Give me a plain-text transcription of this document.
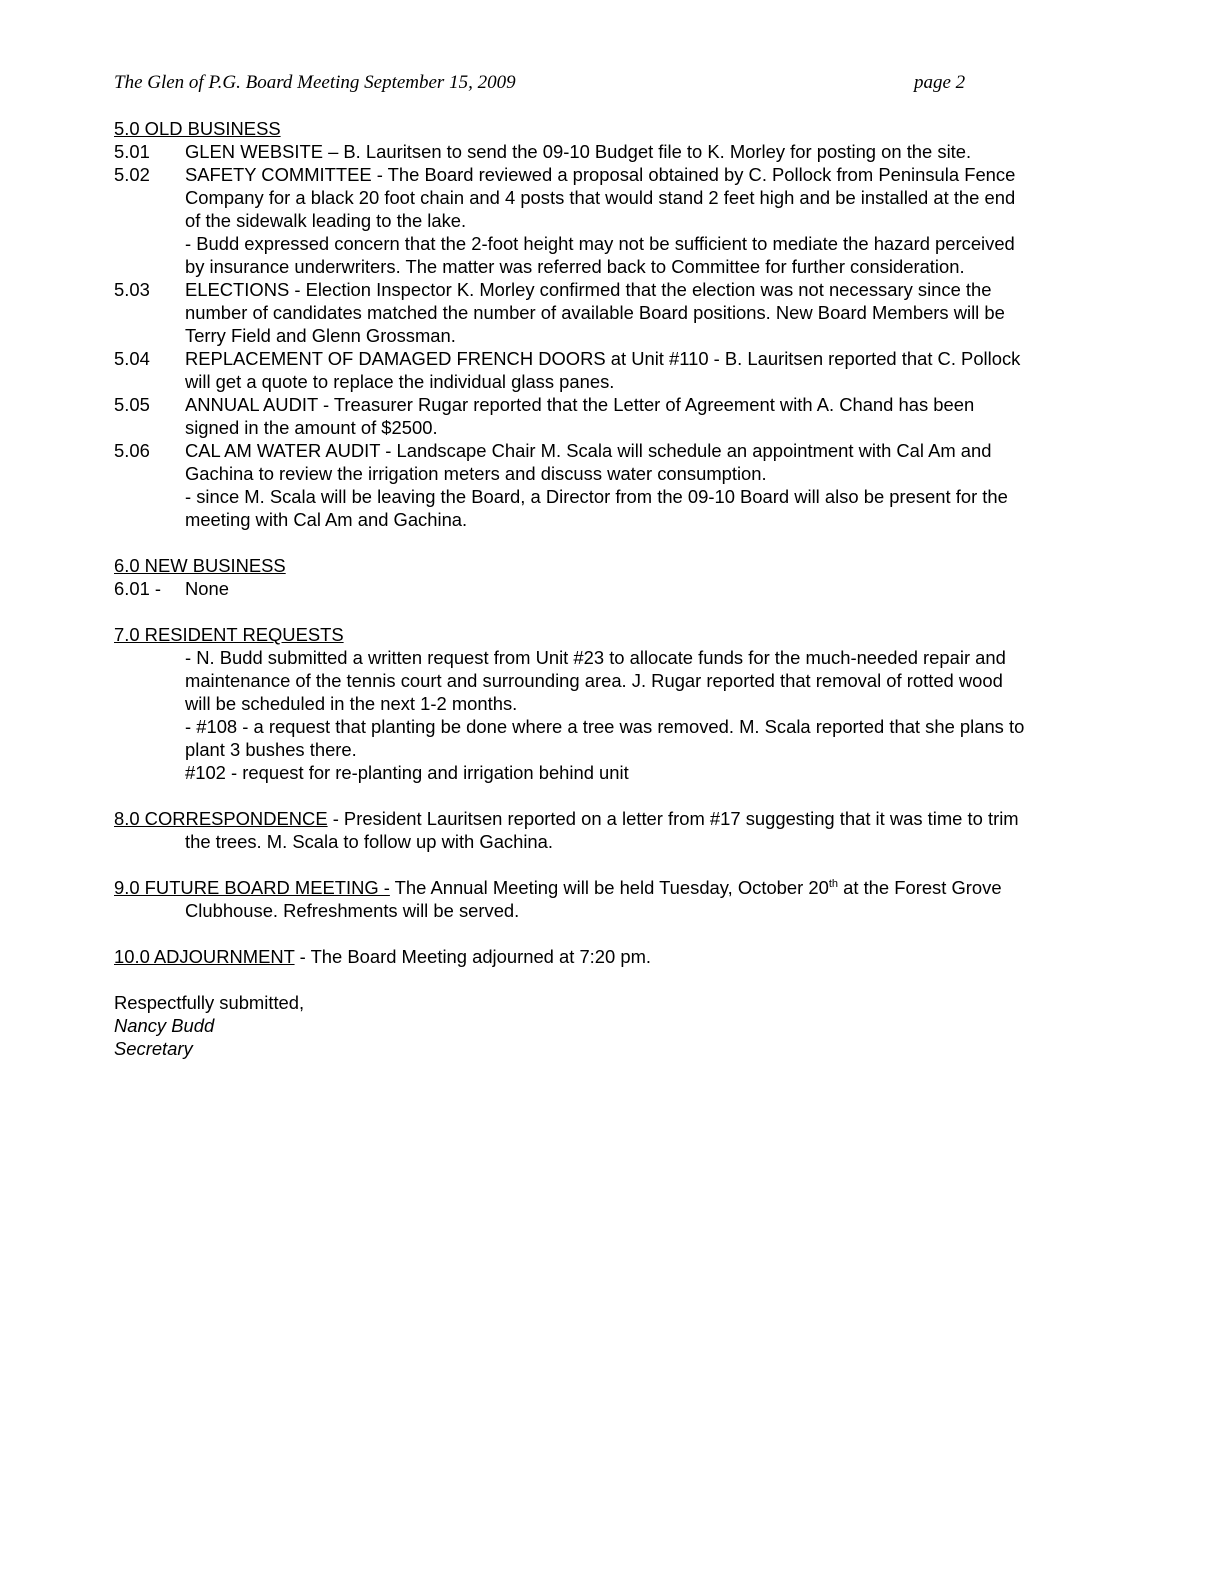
The Glen of P.G. Board Meeting September 15, 2009	page 2
5.0 OLD BUSINESS
5.01 GLEN WEBSITE – B. Lauritsen to send the 09-10 Budget file to K. Morley for posting on the site.
5.02 SAFETY COMMITTEE - The Board reviewed a proposal obtained by C. Pollock from Peninsula Fence
Company for a black 20 foot chain and 4 posts that would stand 2 feet high and be installed at the end
of the sidewalk leading to the lake.
- Budd expressed concern that the 2-foot height may not be sufficient to mediate the hazard perceived
by insurance underwriters. The matter was referred back to Committee for further consideration.
5.03 ELECTIONS - Election Inspector K. Morley confirmed that the election was not necessary since the
number of candidates matched the number of available Board positions. New Board Members will be
Terry Field and Glenn Grossman.
5.04 REPLACEMENT OF DAMAGED FRENCH DOORS at Unit #110 - B. Lauritsen reported that C. Pollock
will get a quote to replace the individual glass panes.
5.05 ANNUAL AUDIT - Treasurer Rugar reported that the Letter of Agreement with A. Chand has been
signed in the amount of $2500.
5.06 CAL AM WATER AUDIT - Landscape Chair M. Scala will schedule an appointment with Cal Am and
Gachina to review the irrigation meters and discuss water consumption.
- since M. Scala will be leaving the Board, a Director from the 09-10 Board will also be present for the
meeting with Cal Am and Gachina.
6.0 NEW BUSINESS
6.01 - None
7.0 RESIDENT REQUESTS
- N. Budd submitted a written request from Unit #23 to allocate funds for the much-needed repair and
maintenance of the tennis court and surrounding area. J. Rugar reported that removal of rotted wood
will be scheduled in the next 1-2 months.
- #108 - a request that planting be done where a tree was removed. M. Scala reported that she plans to
plant 3 bushes there.
#102 - request for re-planting and irrigation behind unit
8.0 CORRESPONDENCE - President Lauritsen reported on a letter from #17 suggesting that it was time to trim
the trees. M. Scala to follow up with Gachina.
9.0 FUTURE BOARD MEETING - The Annual Meeting will be held Tuesday, October 20th at the Forest Grove
Clubhouse. Refreshments will be served.
10.0 ADJOURNMENT - The Board Meeting adjourned at 7:20 pm.
Respectfully submitted,
Nancy Budd
Secretary
